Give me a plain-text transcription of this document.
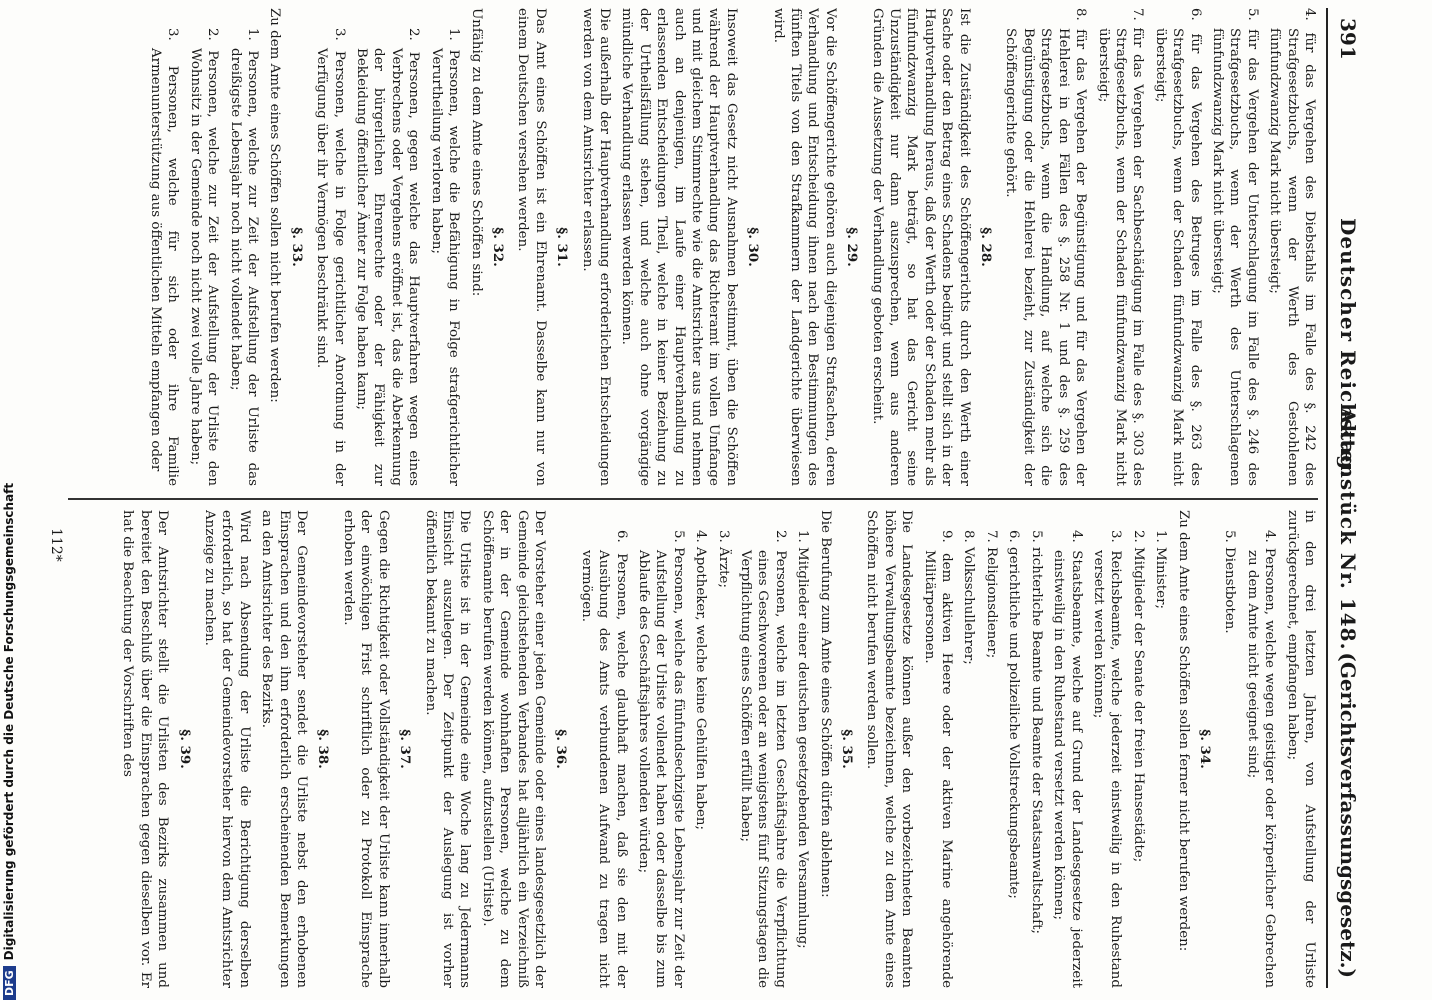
391
Deutscher Reichstag.
Aktenstück Nr. 148.
(Gerichtsverfassungsgesetz.)

4. für das Vergehen des Diebstahls im Falle des §. 242 des Strafgesetzbuchs, wenn der Werth des Gestohlenen fünfundzwanzig Mark nicht übersteigt;

5. für das Vergehen der Unterschlagung im Falle des §. 246 des Strafgesetzbuchs, wenn der Werth des Unterschlagenen fünfundzwanzig Mark nicht übersteigt;

6. für das Vergehen des Betruges im Falle des §. 263 des Strafgesetzbuchs, wenn der Schaden fünfundzwanzig Mark nicht übersteigt;

7. für das Vergehen der Sachbeschädigung im Falle des §. 303 des Strafgesetzbuchs, wenn der Schaden fünfundzwanzig Mark nicht übersteigt;

8. für das Vergehen der Begünstigung und für das Vergehen der Hehlerei in den Fällen des §. 258 Nr. 1 und des §. 259 des Strafgesetzbuchs, wenn die Handlung, auf welche sich die Begünstigung oder die Hehlerei bezieht, zur Zuständigkeit der Schöffengerichte gehört.

§. 28.

Ist die Zuständigkeit des Schöffengerichts durch den Werth einer Sache oder den Betrag eines Schadens bedingt und stellt sich in der Hauptverhandlung heraus, daß der Werth oder der Schaden mehr als fünfundzwanzig Mark beträgt, so hat das Gericht seine Unzuständigkeit nur dann auszusprechen, wenn aus anderen Gründen die Aussetzung der Verhandlung geboten erscheint.

§. 29.

Vor die Schöffengerichte gehören auch diejenigen Strafsachen, deren Verhandlung und Entscheidung ihnen nach den Bestimmungen des fünften Titels von den Strafkammern der Landgerichte überwiesen wird.

§. 30.

Insoweit das Gesetz nicht Ausnahmen bestimmt, üben die Schöffen während der Hauptverhandlung das Richteramt im vollen Umfange und mit gleichem Stimmrechte wie die Amtsrichter aus und nehmen auch an denjenigen, im Laufe einer Hauptverhandlung zu erlassenden Entscheidungen Theil, welche in keiner Beziehung zu der Urtheilsfällung stehen, und welche auch ohne vorgängige mündliche Verhandlung erlassen werden können.

Die außerhalb der Hauptverhandlung erforderlichen Entscheidungen werden von dem Amtsrichter erlassen.

§. 31.

Das Amt eines Schöffen ist ein Ehrenamt. Dasselbe kann nur von einem Deutschen versehen werden.

§. 32.

Unfähig zu dem Amte eines Schöffen sind:

1. Personen, welche die Befähigung in Folge strafgerichtlicher Verurtheilung verloren haben;

2. Personen, gegen welche das Hauptverfahren wegen eines Verbrechens oder Vergehens eröffnet ist, das die Aberkennung der bürgerlichen Ehrenrechte oder der Fähigkeit zur Bekleidung öffentlicher Ämter zur Folge haben kann;

3. Personen, welche in Folge gerichtlicher Anordnung in der Verfügung über ihr Vermögen beschränkt sind.

§. 33.

Zu dem Amte eines Schöffen sollen nicht berufen werden:

1. Personen, welche zur Zeit der Aufstellung der Urliste das dreißigste Lebensjahr noch nicht vollendet haben;

2. Personen, welche zur Zeit der Aufstellung der Urliste den Wohnsitz in der Gemeinde noch nicht zwei volle Jahre haben;

3. Personen, welche für sich oder ihre Familie Armenunterstützung aus öffentlichen Mitteln empfangen oder

in den drei letzten Jahren, von Aufstellung der Urliste zurückgerechnet, empfangen haben;

4. Personen, welche wegen geistiger oder körperlicher Gebrechen zu dem Amte nicht geeignet sind;

5. Dienstboten.

§. 34.

Zu dem Amte eines Schöffen sollen ferner nicht berufen werden:

1. Minister;

2. Mitglieder der Senate der freien Hansestädte;

3. Reichsbeamte, welche jederzeit einstweilig in den Ruhestand versetzt werden können;

4. Staatsbeamte, welche auf Grund der Landesgesetze jederzeit einstweilig in den Ruhestand versetzt werden können;

5. richterliche Beamte und Beamte der Staatsanwaltschaft;

6. gerichtliche und polizeiliche Vollstreckungsbeamte;

7. Religionsdiener;

8. Volksschullehrer;

9. dem aktiven Heere oder der aktiven Marine angehörende Militärpersonen.

Die Landesgesetze können außer den vorbezeichneten Beamten höhere Verwaltungsbeamte bezeichnen, welche zu dem Amte eines Schöffen nicht berufen werden sollen.

§. 35.

Die Berufung zum Amte eines Schöffen dürfen ablehnen:

1. Mitglieder einer deutschen gesetzgebenden Versammlung;

2. Personen, welche im letzten Geschäftsjahre die Verpflichtung eines Geschworenen oder an wenigstens fünf Sitzungstagen die Verpflichtung eines Schöffen erfüllt haben;

3. Ärzte;

4. Apotheker, welche keine Gehülfen haben;

5. Personen, welche das fünfundsechzigste Lebensjahr zur Zeit der Aufstellung der Urliste vollendet haben oder dasselbe bis zum Ablaufe des Geschäftsjahres vollenden würden;

6. Personen, welche glaubhaft machen, daß sie den mit der Ausübung des Amts verbundenen Aufwand zu tragen nicht vermögen.

§. 36.

Der Vorsteher einer jeden Gemeinde oder eines landesgesetzlich der Gemeinde gleichstehenden Verbandes hat alljährlich ein Verzeichniß der in der Gemeinde wohnhaften Personen, welche zu dem Schöffenamte berufen werden können, aufzustellen (Urliste).

Die Urliste ist in der Gemeinde eine Woche lang zu Jedermanns Einsicht auszulegen. Der Zeitpunkt der Auslegung ist vorher öffentlich bekannt zu machen.

§. 37.

Gegen die Richtigkeit oder Vollständigkeit der Urliste kann innerhalb der einwöchigen Frist schriftlich oder zu Protokoll Einsprache erhoben werden.

§. 38.

Der Gemeindevorsteher sendet die Urliste nebst den erhobenen Einsprachen und den ihm erforderlich erscheinenden Bemerkungen an den Amtsrichter des Bezirks.

Wird nach Absendung der Urliste die Berichtigung derselben erforderlich, so hat der Gemeindevorsteher hiervon dem Amtsrichter Anzeige zu machen.

§. 39.

Der Amtsrichter stellt die Urlisten des Bezirks zusammen und bereitet den Beschluß über die Einsprachen gegen dieselben vor. Er hat die Beachtung der Vorschriften des

112*
DFGDigitalisierung gefördert durch die Deutsche Forschungsgemeinschaft
